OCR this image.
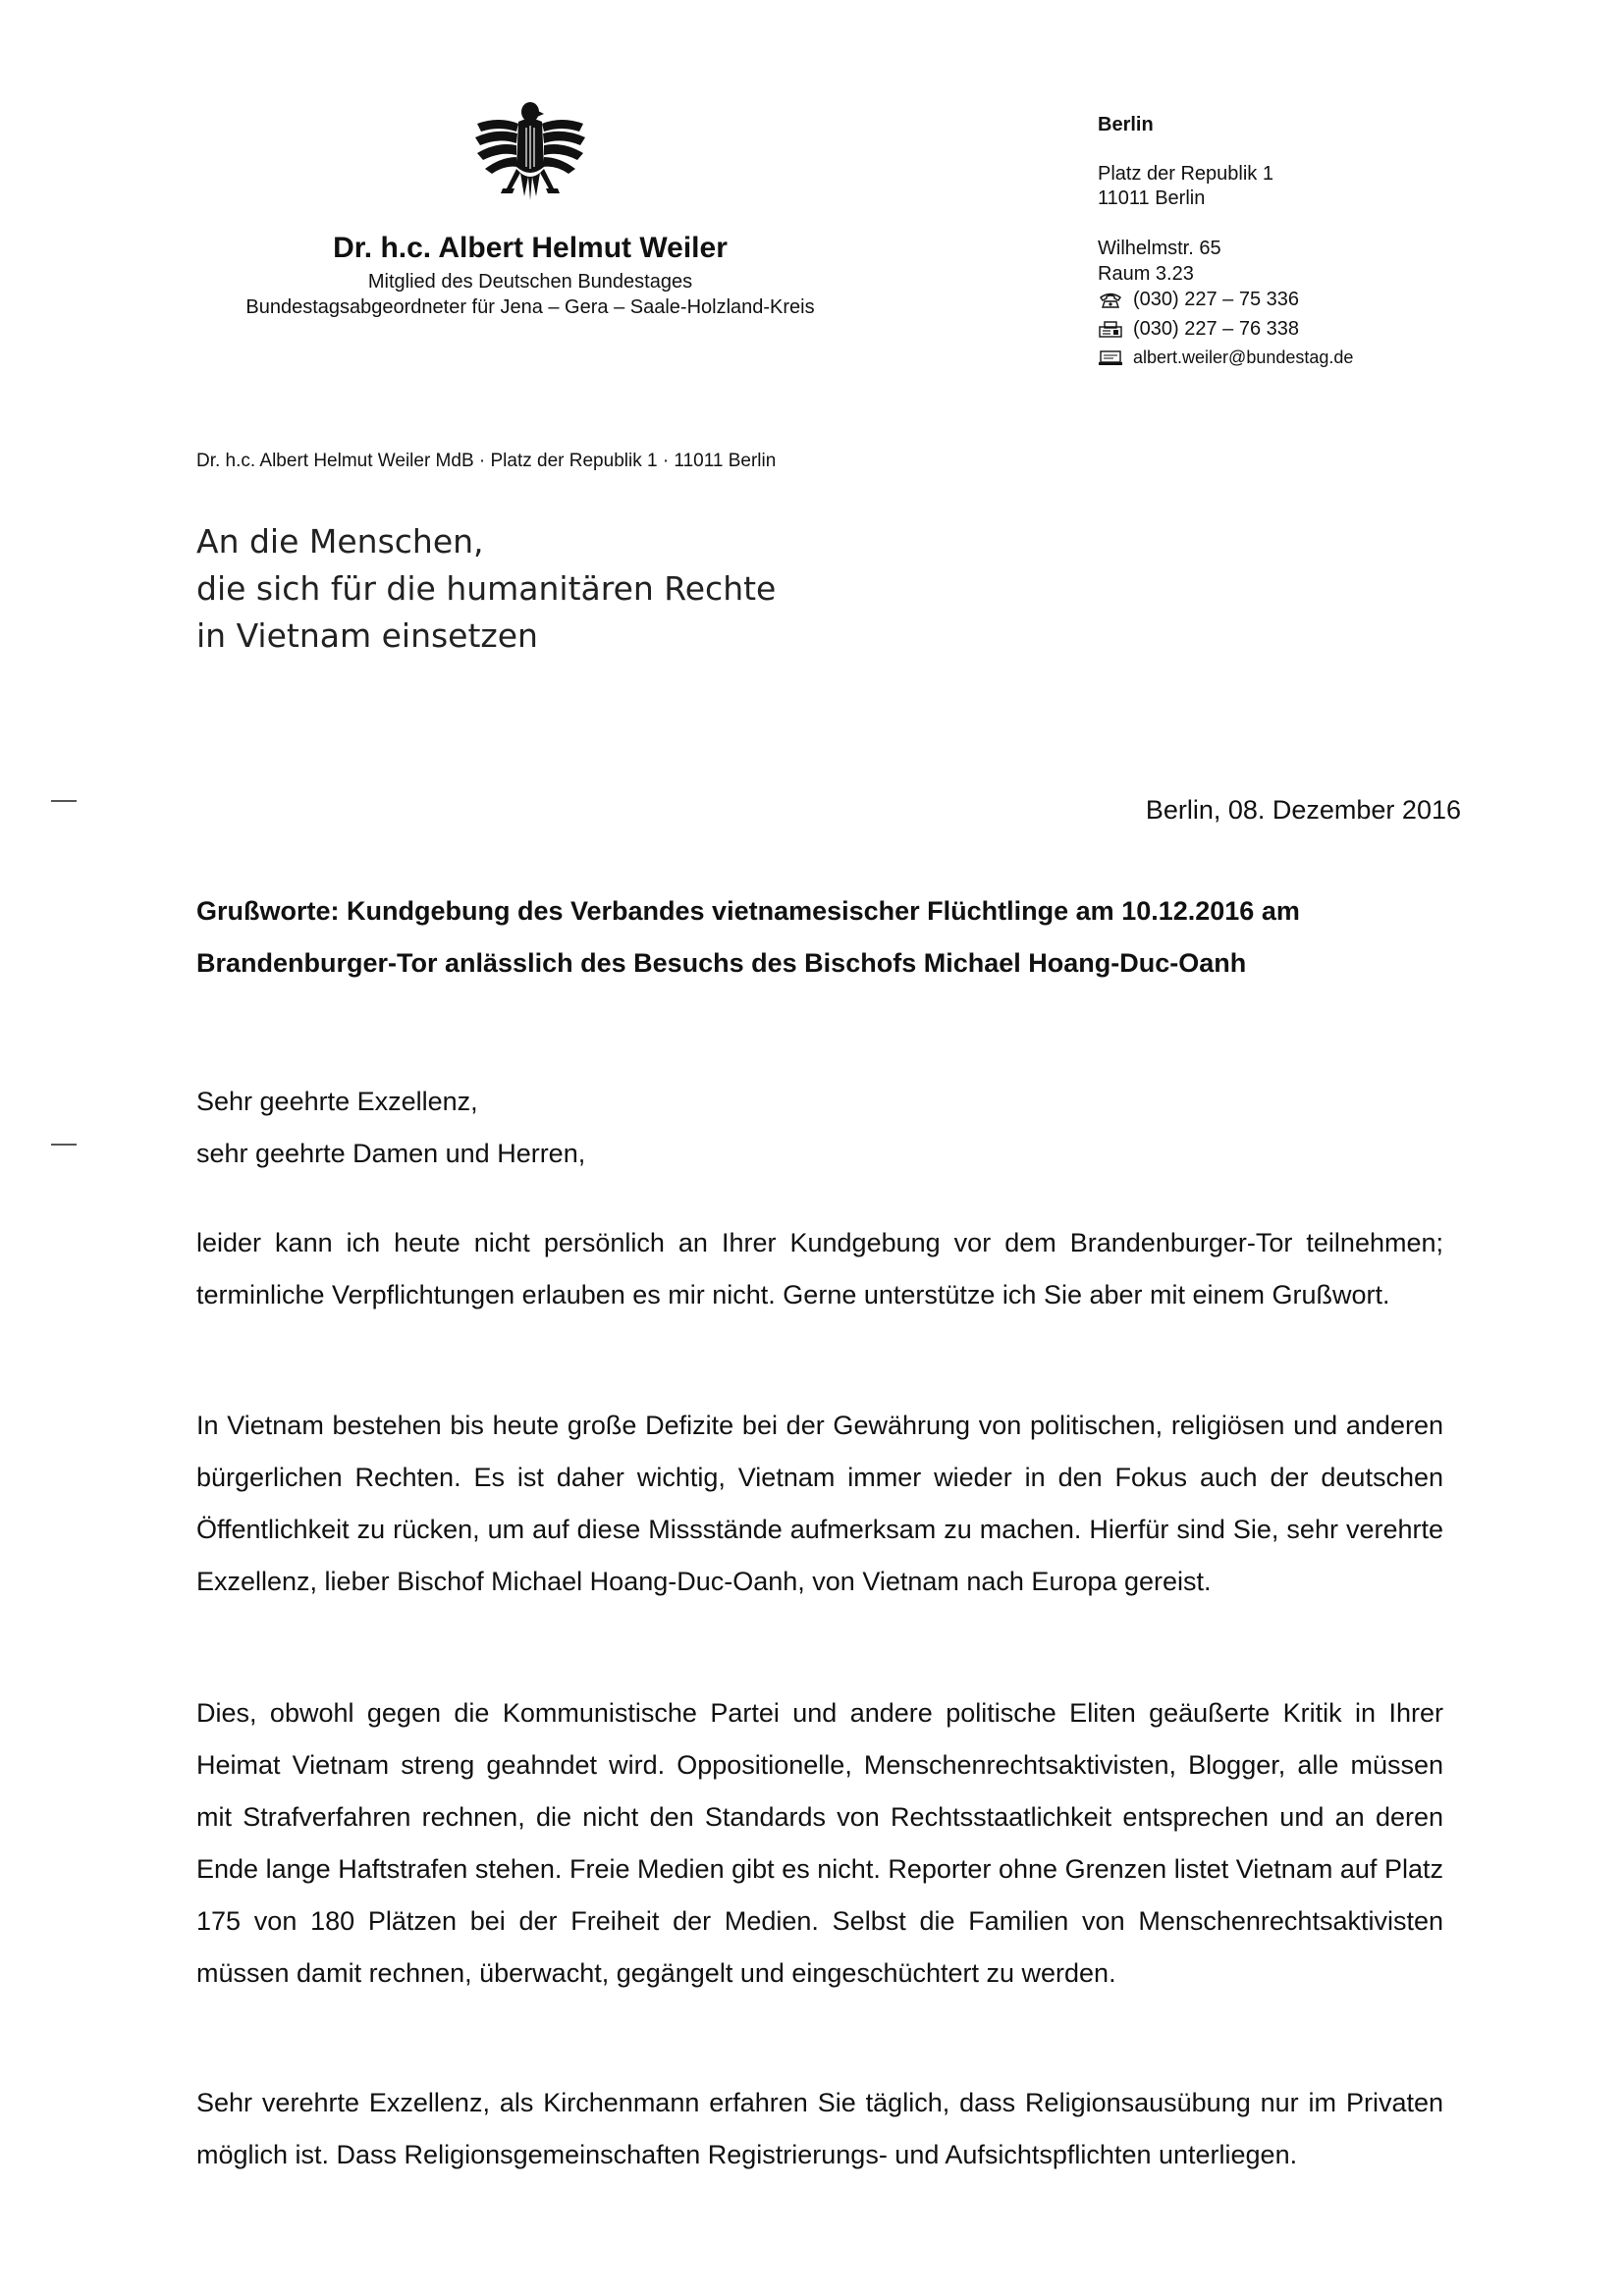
Dr. h.c. Albert Helmut Weiler
Mitglied des Deutschen Bundestages
Bundestagsabgeordneter für Jena – Gera – Saale-Holzland-Kreis
Berlin
Platz der Republik 1
11011 Berlin
Wilhelmstr. 65
Raum 3.23
(030) 227 – 75 336
(030) 227 – 76 338
albert.weiler@bundestag.de
Dr. h.c. Albert Helmut Weiler MdB · Platz der Republik 1 · 11011 Berlin
An die Menschen,
die sich für die humanitären Rechte
in Vietnam einsetzen
Berlin, 08. Dezember 2016
Grußworte: Kundgebung des Verbandes vietnamesischer Flüchtlinge am 10.12.2016 am
Brandenburger-Tor anlässlich des Besuchs des Bischofs Michael Hoang-Duc-Oanh
Sehr geehrte Exzellenz,
sehr geehrte Damen und Herren,
leider kann ich heute nicht persönlich an Ihrer Kundgebung vor dem Brandenburger-Tor teilnehmen; terminliche Verpflichtungen erlauben es mir nicht. Gerne unterstütze ich Sie aber mit einem Grußwort.
In Vietnam bestehen bis heute große Defizite bei der Gewährung von politischen, religiösen und anderen bürgerlichen Rechten. Es ist daher wichtig, Vietnam immer wieder in den Fokus auch der deutschen Öffentlichkeit zu rücken, um auf diese Missstände aufmerksam zu machen. Hierfür sind Sie, sehr verehrte Exzellenz, lieber Bischof Michael Hoang-Duc-Oanh, von Vietnam nach Europa gereist.
Dies, obwohl gegen die Kommunistische Partei und andere politische Eliten geäußerte Kritik in Ihrer Heimat Vietnam streng geahndet wird. Oppositionelle, Menschenrechtsaktivisten, Blogger, alle müssen mit Strafverfahren rechnen, die nicht den Standards von Rechtsstaatlichkeit entsprechen und an deren Ende lange Haftstrafen stehen. Freie Medien gibt es nicht. Reporter ohne Grenzen listet Vietnam auf Platz 175 von 180 Plätzen bei der Freiheit der Medien. Selbst die Familien von Menschenrechtsaktivisten müssen damit rechnen, überwacht, gegängelt und eingeschüchtert zu werden.
Sehr verehrte Exzellenz, als Kirchenmann erfahren Sie täglich, dass Religionsausübung nur im Privaten möglich ist. Dass Religionsgemeinschaften Registrierungs- und Aufsichtspflichten unterliegen.
